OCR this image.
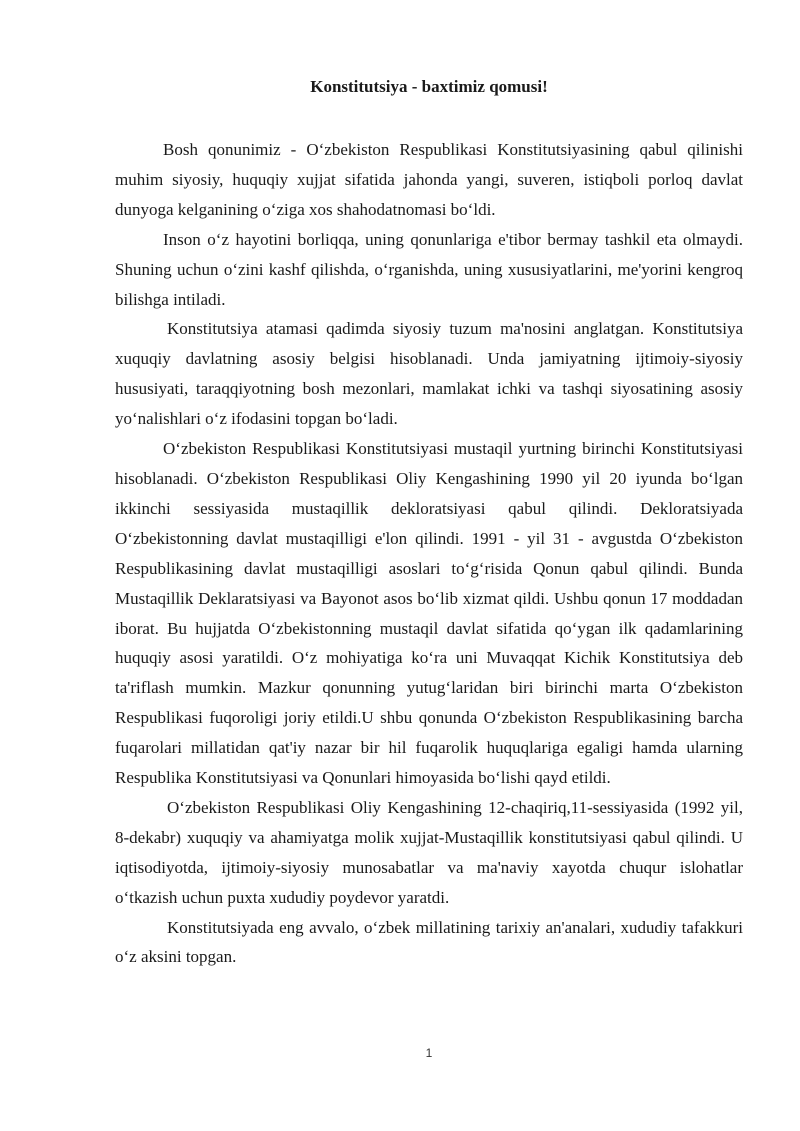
Konstitutsiya - baxtimiz qomusi!

Bosh qonunimiz - Oʻzbekiston Respublikasi Konstitutsiyasining qabul qilinishi muhim siyosiy, huquqiy xujjat sifatida jahonda yangi, suveren, istiqboli porloq davlat dunyoga kelganining oʻziga xos shahodatnomasi boʻldi.

Inson oʻz hayotini borliqqa, uning qonunlariga e'tibor bermay tashkil eta olmaydi. Shuning uchun oʻzini kashf qilishda, oʻrganishda, uning xususiyatlarini, me'yorini kengroq bilishga intiladi.

Konstitutsiya atamasi qadimda siyosiy tuzum ma'nosini anglatgan. Konstitutsiya xuquqiy davlatning asosiy belgisi hisoblanadi. Unda jamiyatning ijtimoiy-siyosiy hususiyati, taraqqiyotning bosh mezonlari, mamlakat ichki va tashqi siyosatining asosiy yoʻnalishlari oʻz ifodasini topgan boʻladi.

Oʻzbekiston Respublikasi Konstitutsiyasi mustaqil yurtning birinchi Konstitutsiyasi hisoblanadi. Oʻzbekiston Respublikasi Oliy Kengashining 1990 yil 20 iyunda boʻlgan ikkinchi sessiyasida mustaqillik dekloratsiyasi qabul qilindi. Dekloratsiyada Oʻzbekistonning davlat mustaqilligi e'lon qilindi. 1991 - yil 31 - avgustda Oʻzbekiston Respublikasining davlat mustaqilligi asoslari toʻgʻrisida Qonun qabul qilindi. Bunda Mustaqillik Deklaratsiyasi va Bayonot asos boʻlib xizmat qildi. Ushbu qonun 17 moddadan iborat. Bu hujjatda Oʻzbekistonning mustaqil davlat sifatida qoʻygan ilk qadamlarining huquqiy asosi yaratildi. Oʻz mohiyatiga koʻra uni Muvaqqat Kichik Konstitutsiya deb ta'riflash mumkin. Mazkur qonunning yutugʻlaridan biri birinchi marta Oʻzbekiston Respublikasi fuqoroligi joriy etildi.U shbu qonunda Oʻzbekiston Respublikasining barcha fuqarolari millatidan qat'iy nazar bir hil fuqarolik huquqlariga egaligi hamda ularning Respublika Konstitutsiyasi va Qonunlari himoyasida boʻlishi qayd etildi.

Oʻzbekiston Respublikasi Oliy Kengashining 12-chaqiriq,11-sessiyasida (1992 yil, 8-dekabr) xuquqiy va ahamiyatga molik xujjat-Mustaqillik konstitutsiyasi qabul qilindi. U iqtisodiyotda, ijtimoiy-siyosiy munosabatlar va ma'naviy xayotda chuqur islohatlar oʻtkazish uchun puxta xududiy poydevor yaratdi.

Konstitutsiyada eng avvalo, oʻzbek millatining tarixiy an'analari, xududiy tafakkuri oʻz aksini topgan.

1
